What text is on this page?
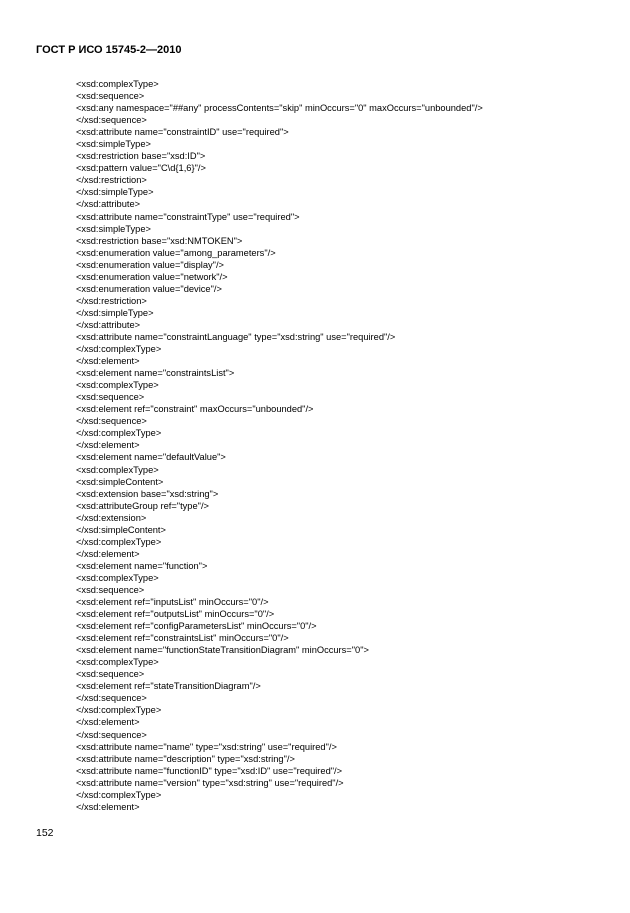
ГОСТ Р ИСО 15745-2—2010
<xsd:complexType>
<xsd:sequence>
<xsd:any namespace="##any" processContents="skip" minOccurs="0" maxOccurs="unbounded"/>
</xsd:sequence>
<xsd:attribute name="constraintID" use="required">
<xsd:simpleType>
<xsd:restriction base="xsd:ID">
<xsd:pattern value="C\d{1,6}"/>
</xsd:restriction>
</xsd:simpleType>
</xsd:attribute>
<xsd:attribute name="constraintType" use="required">
<xsd:simpleType>
<xsd:restriction base="xsd:NMTOKEN">
<xsd:enumeration value="among_parameters"/>
<xsd:enumeration value="display"/>
<xsd:enumeration value="network"/>
<xsd:enumeration value="device"/>
</xsd:restriction>
</xsd:simpleType>
</xsd:attribute>
<xsd:attribute name="constraintLanguage" type="xsd:string" use="required"/>
</xsd:complexType>
</xsd:element>
<xsd:element name="constraintsList">
<xsd:complexType>
<xsd:sequence>
<xsd:element ref="constraint" maxOccurs="unbounded"/>
</xsd:sequence>
</xsd:complexType>
</xsd:element>
<xsd:element name="defaultValue">
<xsd:complexType>
<xsd:simpleContent>
<xsd:extension base="xsd:string">
<xsd:attributeGroup ref="type"/>
</xsd:extension>
</xsd:simpleContent>
</xsd:complexType>
</xsd:element>
<xsd:element name="function">
<xsd:complexType>
<xsd:sequence>
<xsd:element ref="inputsList" minOccurs="0"/>
<xsd:element ref="outputsList" minOccurs="0"/>
<xsd:element ref="configParametersList" minOccurs="0"/>
<xsd:element ref="constraintsList" minOccurs="0"/>
<xsd:element name="functionStateTransitionDiagram" minOccurs="0">
<xsd:complexType>
<xsd:sequence>
<xsd:element ref="stateTransitionDiagram"/>
</xsd:sequence>
</xsd:complexType>
</xsd:element>
</xsd:sequence>
<xsd:attribute name="name" type="xsd:string" use="required"/>
<xsd:attribute name="description" type="xsd:string"/>
<xsd:attribute name="functionID" type="xsd:ID" use="required"/>
<xsd:attribute name="version" type="xsd:string" use="required"/>
</xsd:complexType>
</xsd:element>
152
